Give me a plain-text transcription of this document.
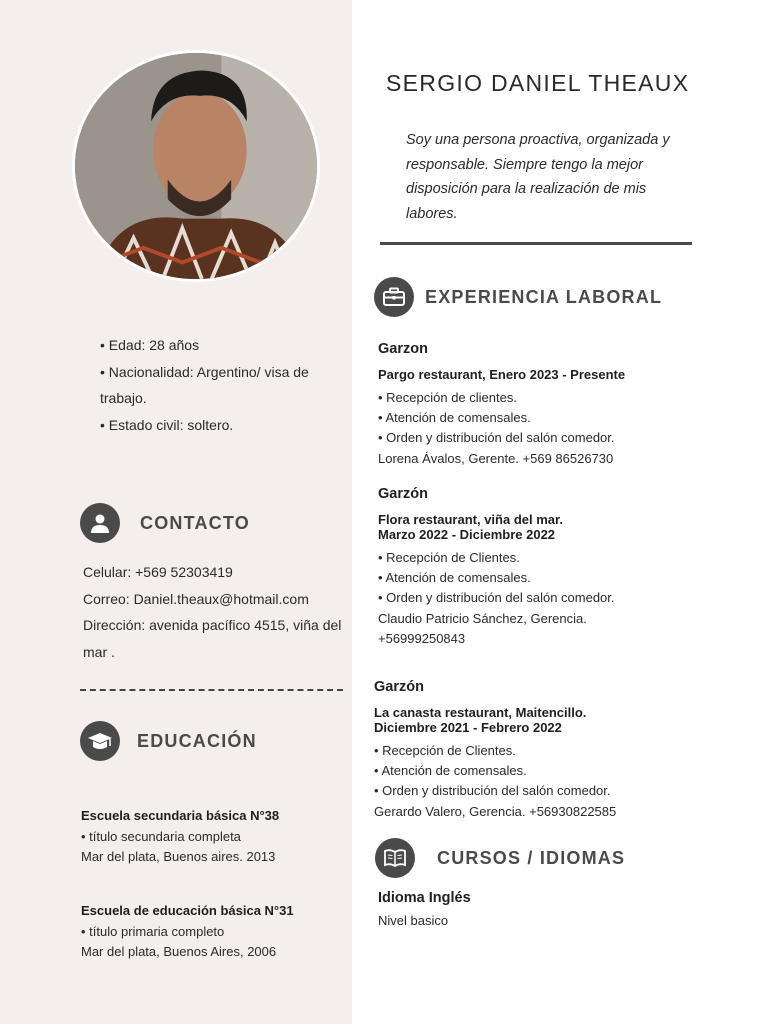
• Edad: 28 años
• Nacionalidad: Argentino/ visa de trabajo.
• Estado civil: soltero.
CONTACTO
Celular: +569 52303419
Correo: Daniel.theaux@hotmail.com
Dirección: avenida pacífico 4515, viña del mar .
EDUCACIÓN
Escuela secundaria básica N°38
• título secundaria completa
Mar del plata, Buenos aires. 2013
Escuela de educación básica N°31
• título primaria completo
Mar del plata, Buenos Aires, 2006
SERGIO DANIEL THEAUX
Soy una persona proactiva, organizada y responsable. Siempre tengo la mejor disposición para la realización de mis labores.
EXPERIENCIA LABORAL
Garzon
Pargo restaurant, Enero 2023 - Presente
• Recepción de clientes.
• Atención de comensales.
• Orden y distribución del salón comedor.
Lorena Ávalos, Gerente. +569 86526730
Garzón
Flora restaurant, viña del mar.
Marzo 2022 - Diciembre 2022
• Recepción de Clientes.
• Atención de comensales.
• Orden y distribución del salón comedor.
Claudio Patricio Sánchez, Gerencia.
+56999250843
Garzón
La canasta restaurant, Maitencillo.
Diciembre 2021 - Febrero 2022
• Recepción de Clientes.
• Atención de comensales.
• Orden y distribución del salón comedor.
Gerardo Valero, Gerencia. +56930822585
CURSOS / IDIOMAS
Idioma Inglés
Nivel basico
